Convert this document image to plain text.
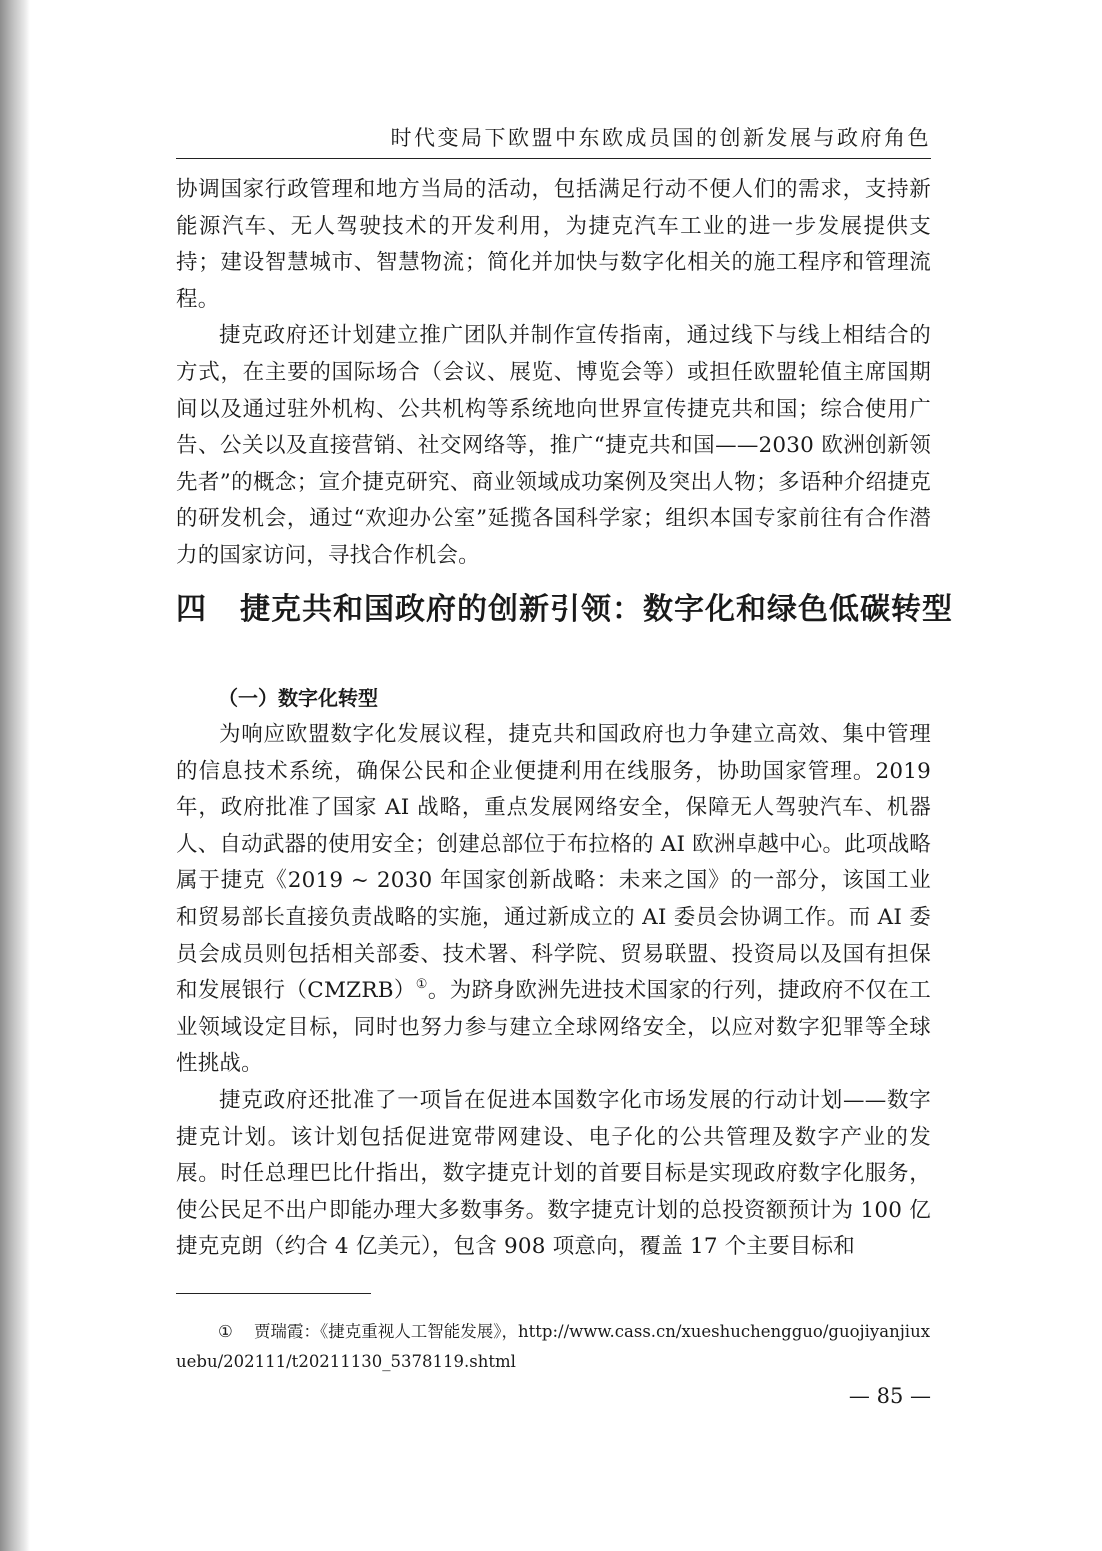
时代变局下欧盟中东欧成员国的创新发展与政府角色

协调国家行政管理和地方当局的活动，包括满足行动不便人们的需求，支持新能源汽车、无人驾驶技术的开发利用，为捷克汽车工业的进一步发展提供支持；建设智慧城市、智慧物流；简化并加快与数字化相关的施工程序和管理流程。

捷克政府还计划建立推广团队并制作宣传指南，通过线下与线上相结合的方式，在主要的国际场合（会议、展览、博览会等）或担任欧盟轮值主席国期间以及通过驻外机构、公共机构等系统地向世界宣传捷克共和国；综合使用广告、公关以及直接营销、社交网络等，推广“捷克共和国——2030 欧洲创新领先者”的概念；宣介捷克研究、商业领域成功案例及突出人物；多语种介绍捷克的研发机会，通过“欢迎办公室”延揽各国科学家；组织本国专家前往有合作潜力的国家访问，寻找合作机会。

四 捷克共和国政府的创新引领：数字化和绿色低碳转型
（一）数字化转型

为响应欧盟数字化发展议程，捷克共和国政府也力争建立高效、集中管理的信息技术系统，确保公民和企业便捷利用在线服务，协助国家管理。2019 年，政府批准了国家 AI 战略，重点发展网络安全，保障无人驾驶汽车、机器人、自动武器的使用安全；创建总部位于布拉格的 AI 欧洲卓越中心。此项战略属于捷克《2019 ~ 2030 年国家创新战略：未来之国》的一部分，该国工业和贸易部长直接负责战略的实施，通过新成立的 AI 委员会协调工作。而 AI 委员会成员则包括相关部委、技术署、科学院、贸易联盟、投资局以及国有担保和发展银行（CMZRB）①。为跻身欧洲先进技术国家的行列，捷政府不仅在工业领域设定目标，同时也努力参与建立全球网络安全，以应对数字犯罪等全球性挑战。

捷克政府还批准了一项旨在促进本国数字化市场发展的行动计划——数字捷克计划。该计划包括促进宽带网建设、电子化的公共管理及数字产业的发展。时任总理巴比什指出，数字捷克计划的首要目标是实现政府数字化服务，使公民足不出户即能办理大多数事务。数字捷克计划的总投资额预计为 100 亿捷克克朗（约合 4 亿美元），包含 908 项意向，覆盖 17 个主要目标和

① 贾瑞霞：《捷克重视人工智能发展》，http://www.cass.cn/xueshuchengguo/guojiyanjiuxuebu/202111/t20211130_5378119.shtml
— 85 —
